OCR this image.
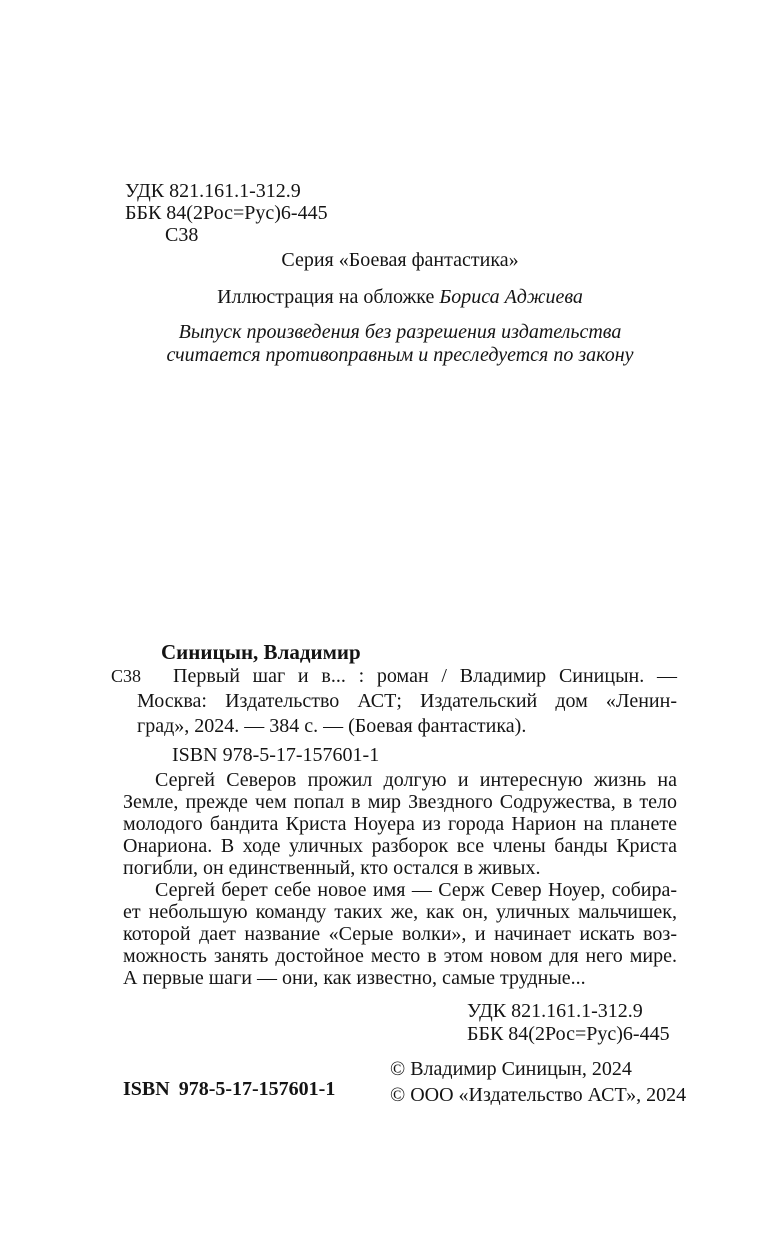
УДК 821.161.1-312.9
ББК 84(2Рос=Рус)6-445
С38
Серия «Боевая фантастика»
Иллюстрация на обложке Бориса Аджиева
Выпуск произведения без разрешения издательства
считается противоправным и преследуется по закону
Синицын, Владимир
С38	Первый шаг и в... : роман / Владимир Синицын. —
Москва: Издательство АСТ; Издательский дом «Ленин-
град», 2024. — 384 с. — (Боевая фантастика).
ISBN 978-5-17-157601-1
Сергей Северов прожил долгую и интересную жизнь на
Земле, прежде чем попал в мир Звездного Содружества, в тело
молодого бандита Криста Ноуера из города Нарион на планете
Онариона. В ходе уличных разборок все члены банды Криста
погибли, он единственный, кто остался в живых.
Сергей берет себе новое имя — Серж Север Ноуер, собира-
ет небольшую команду таких же, как он, уличных мальчишек,
которой дает название «Серые волки», и начинает искать воз-
можность занять достойное место в этом новом для него мире.
А первые шаги — они, как известно, самые трудные...
УДК 821.161.1-312.9
ББК 84(2Рос=Рус)6-445
© Владимир Синицын, 2024
© ООО «Издательство АСТ», 2024
ISBN 978-5-17-157601-1
